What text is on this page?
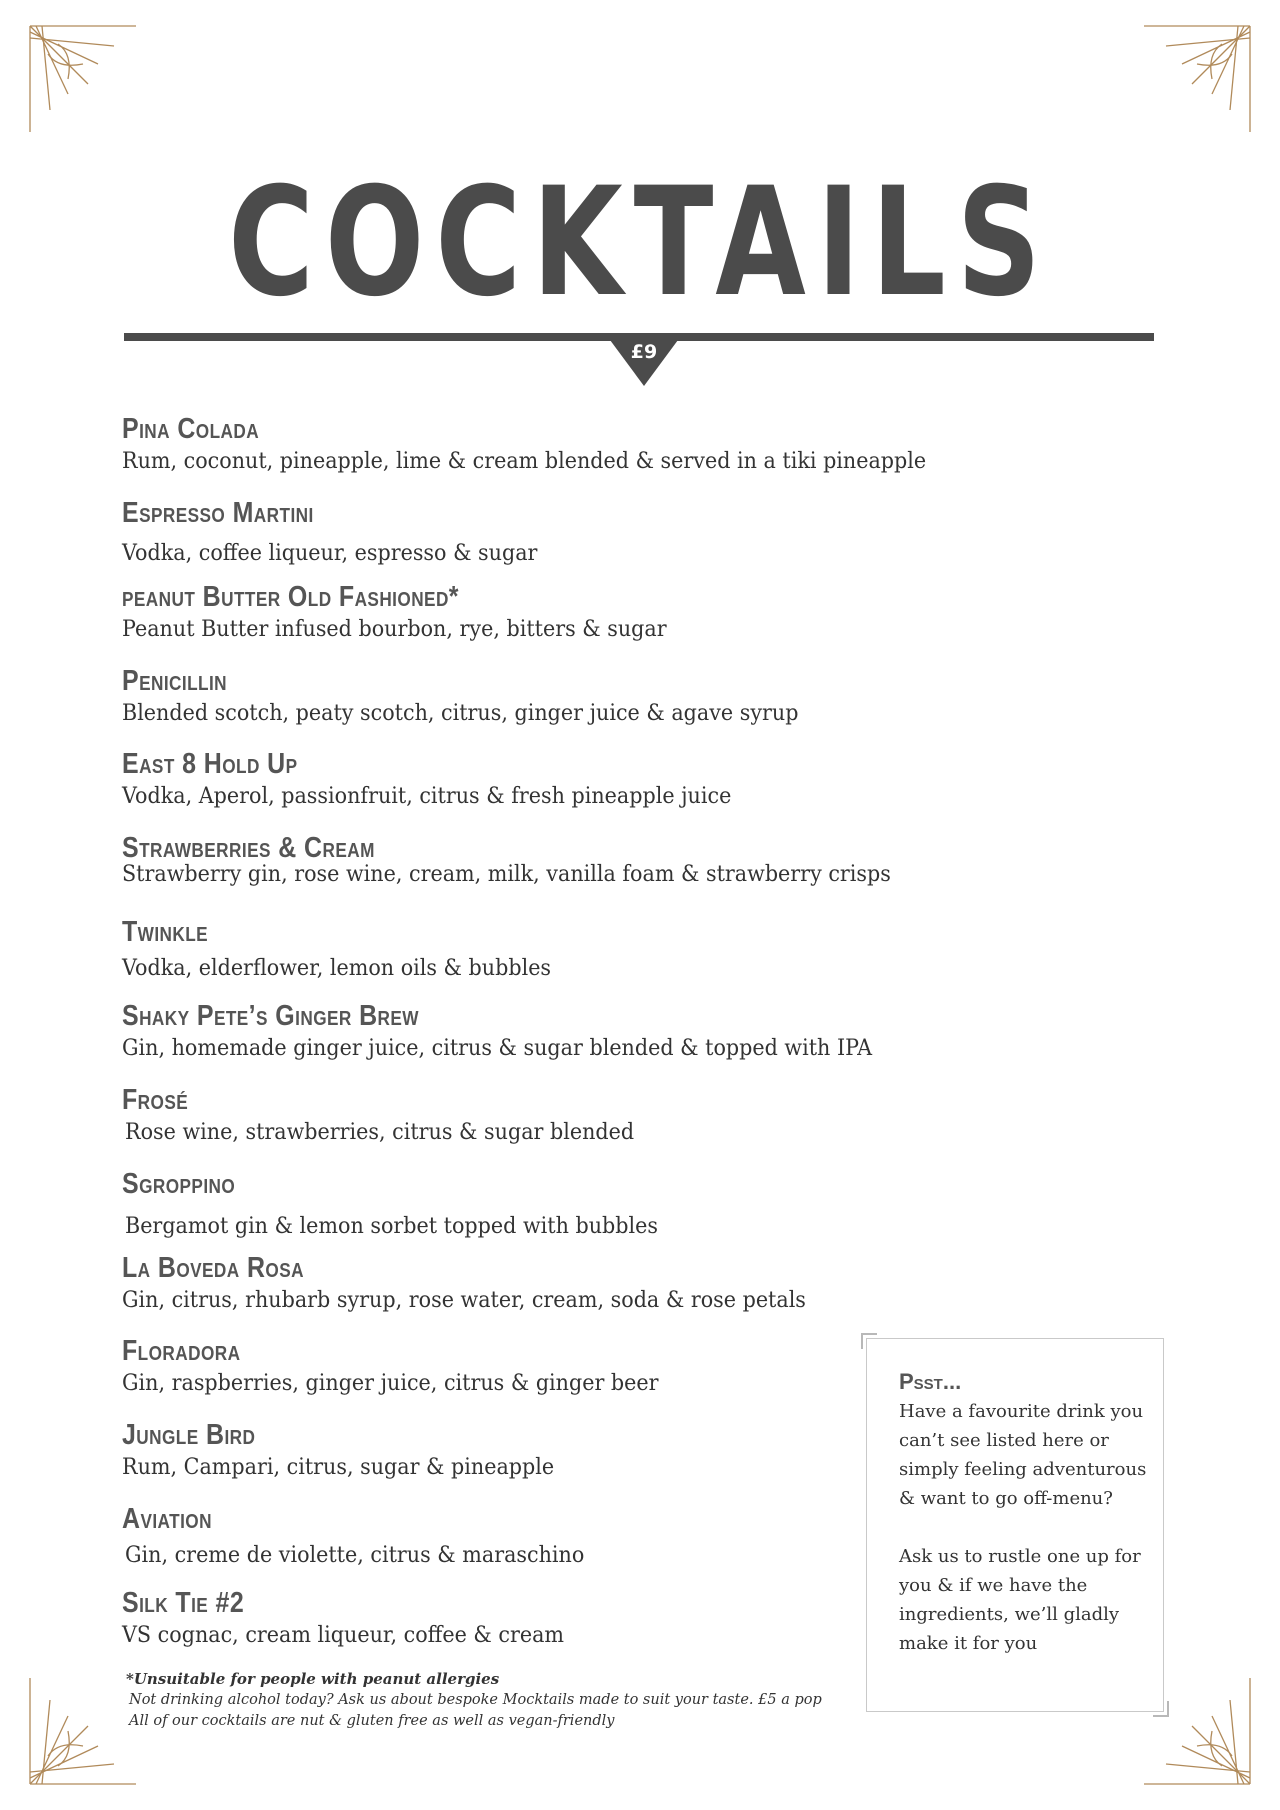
COCKTAILS
£9
Pina Colada
Rum, coconut, pineapple, lime & cream blended & served in a tiki pineapple
Espresso Martini
Vodka, coffee liqueur, espresso & sugar
peanut Butter Old Fashioned*
Peanut Butter infused bourbon, rye, bitters & sugar
Penicillin
Blended scotch, peaty scotch, citrus, ginger juice & agave syrup
East 8 Hold Up
Vodka, Aperol, passionfruit, citrus & fresh pineapple juice
Strawberries & Cream
Strawberry gin, rose wine, cream, milk, vanilla foam & strawberry crisps
Twinkle
Vodka, elderflower, lemon oils & bubbles
Shaky Pete’s Ginger Brew
Gin, homemade ginger juice, citrus & sugar blended & topped with IPA
Frosé
Rose wine, strawberries, citrus & sugar blended
Sgroppino
Bergamot gin & lemon sorbet topped with bubbles
La Boveda Rosa
Gin, citrus, rhubarb syrup, rose water, cream, soda & rose petals
Floradora
Gin, raspberries, ginger juice, citrus & ginger beer
Jungle Bird
Rum, Campari, citrus, sugar & pineapple
Aviation
Gin, creme de violette, citrus & maraschino
Silk Tie #2
VS cognac, cream liqueur, coffee & cream
*Unsuitable for people with peanut allergies
Not drinking alcohol today? Ask us about bespoke Mocktails made to suit your taste. £5 a pop
All of our cocktails are nut & gluten free as well as vegan-friendly
Psst...

Have a favourite drink you can’t see listed here or simply feeling adventurous & want to go off-menu?

Ask us to rustle one up for you & if we have the ingredients, we’ll gladly make it for you
